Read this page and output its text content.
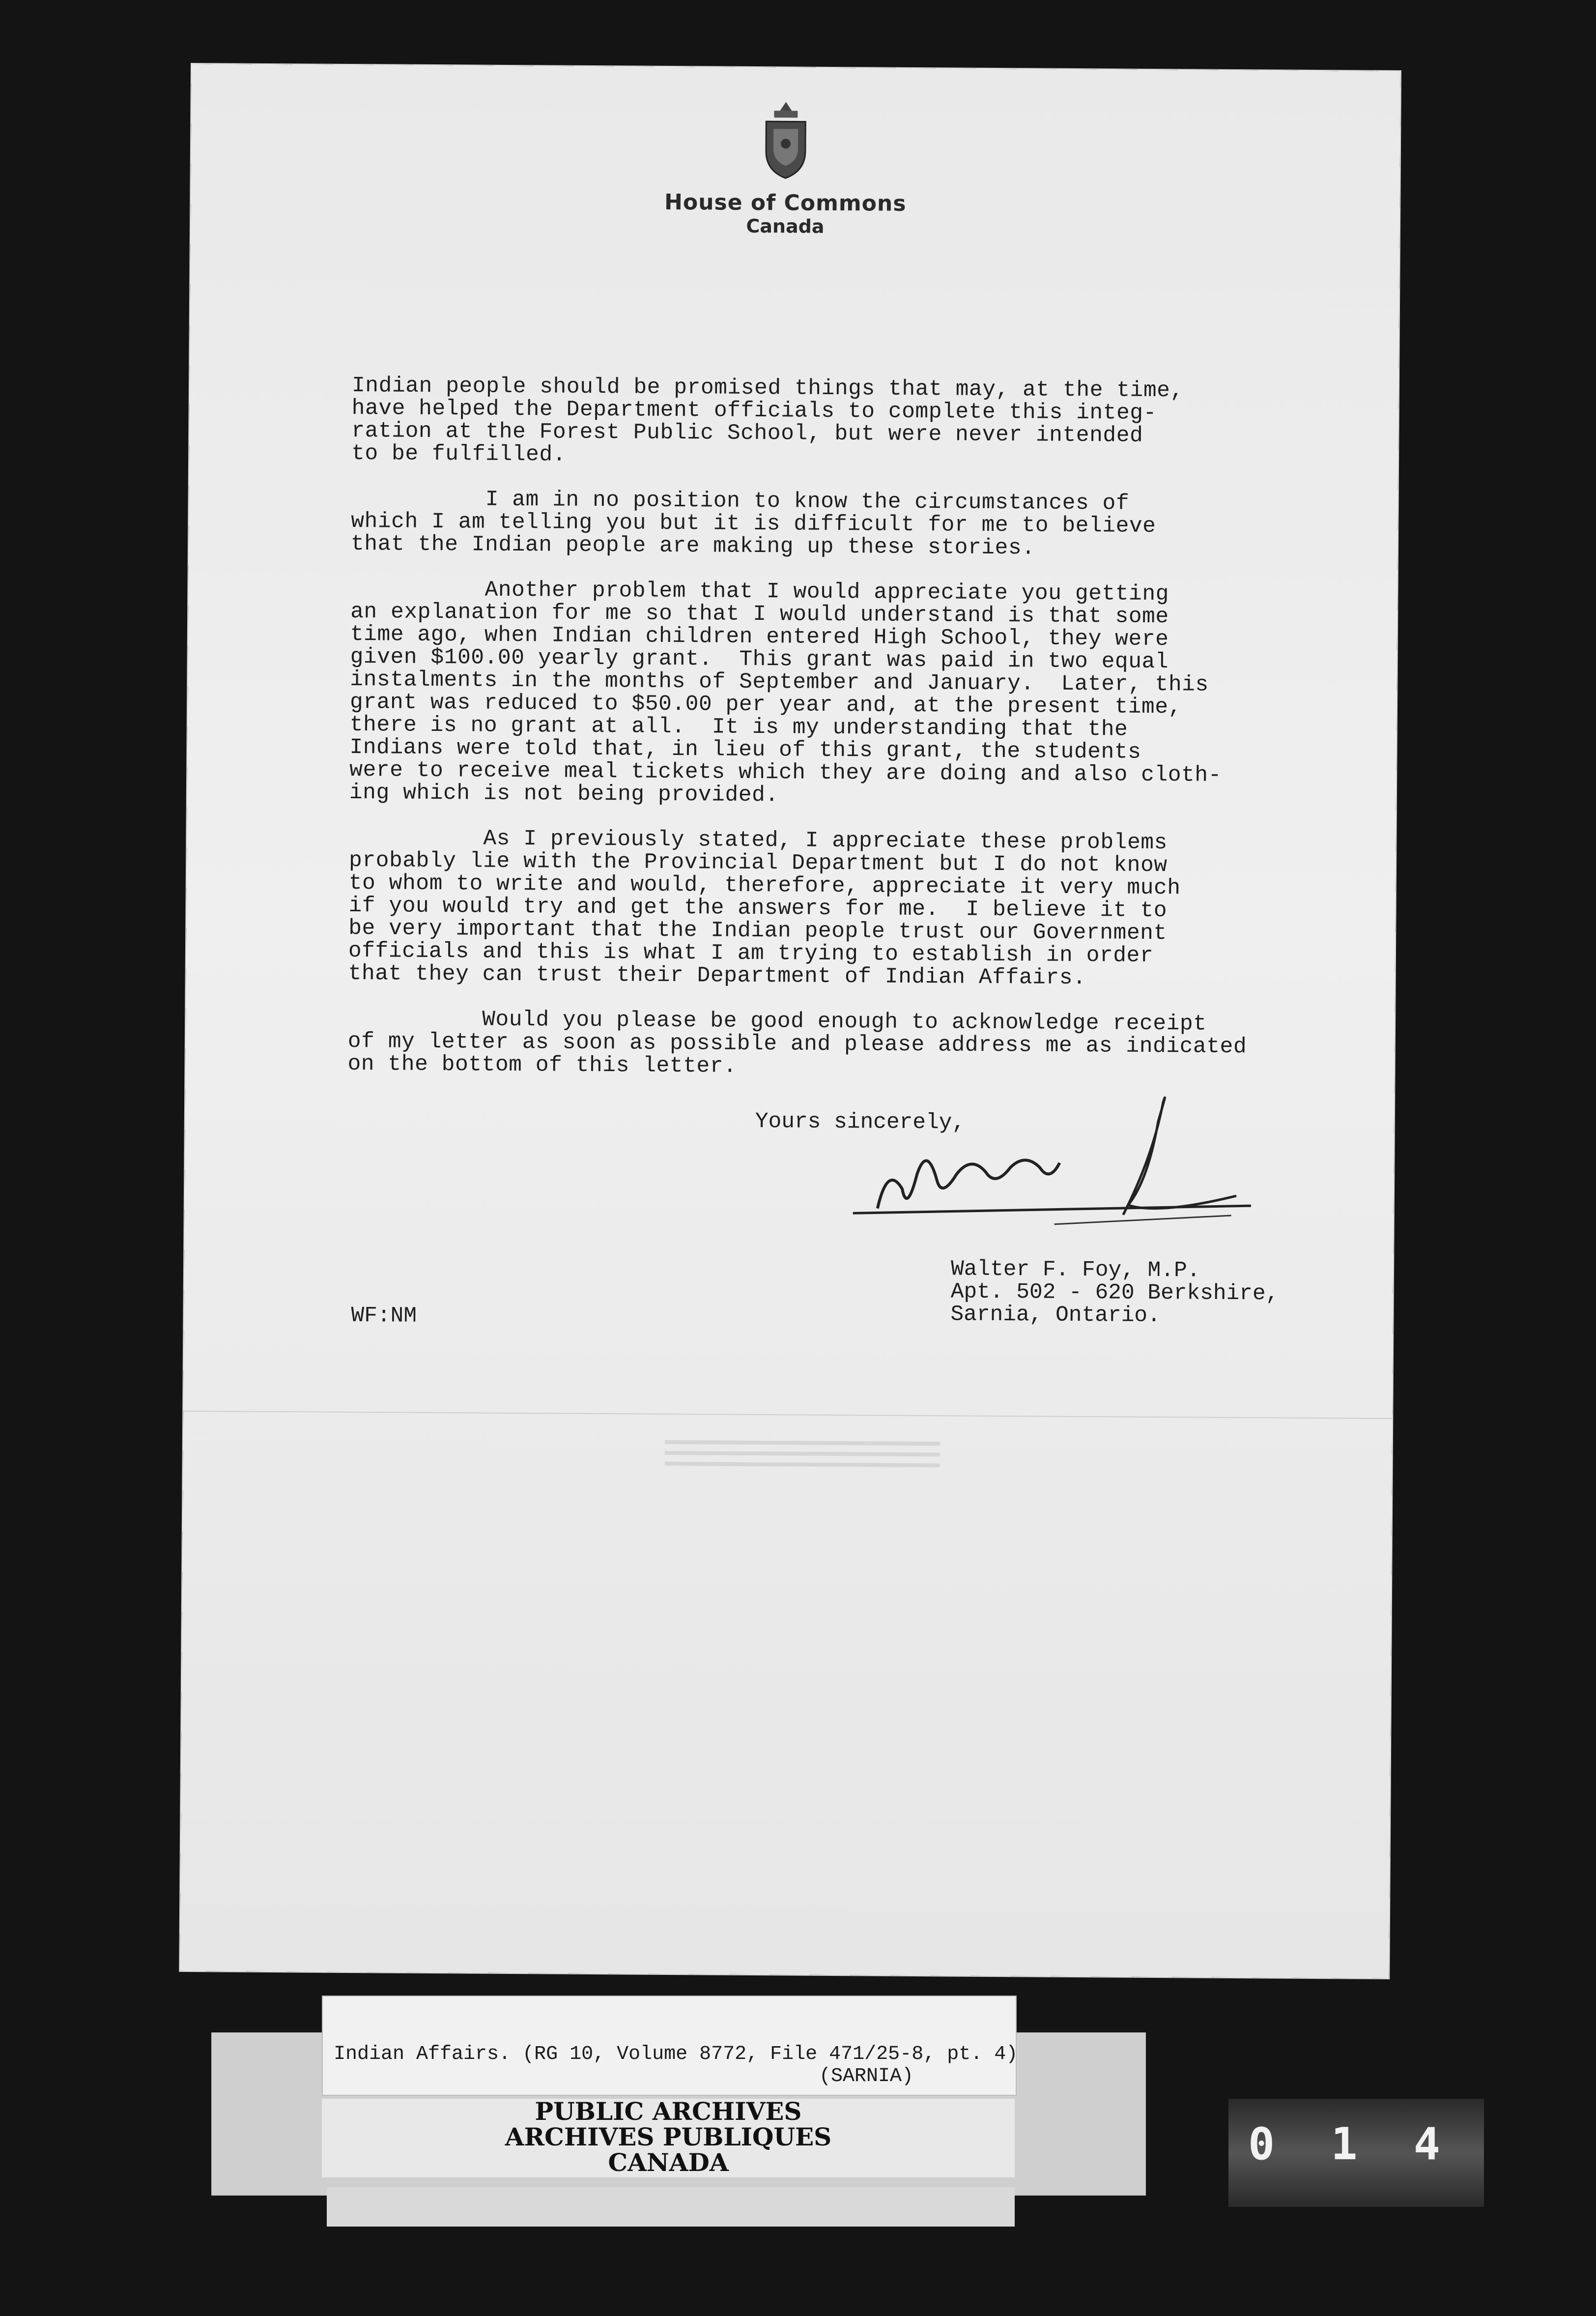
House of Commons
Canada

Indian people should be promised things that may, at the time,
have helped the Department officials to complete this integ-
ration at the Forest Public School, but were never intended
to be fulfilled.

I am in no position to know the circumstances of
which I am telling you but it is difficult for me to believe
that the Indian people are making up these stories.

Another problem that I would appreciate you getting
an explanation for me so that I would understand is that some
time ago, when Indian children entered High School, they were
given $100.00 yearly grant.  This grant was paid in two equal
instalments in the months of September and January.  Later, this
grant was reduced to $50.00 per year and, at the present time,
there is no grant at all.  It is my understanding that the
Indians were told that, in lieu of this grant, the students
were to receive meal tickets which they are doing and also cloth-
ing which is not being provided.

As I previously stated, I appreciate these problems
probably lie with the Provincial Department but I do not know
to whom to write and would, therefore, appreciate it very much
if you would try and get the answers for me.  I believe it to
be very important that the Indian people trust our Government
officials and this is what I am trying to establish in order
that they can trust their Department of Indian Affairs.

Would you please be good enough to acknowledge receipt
of my letter as soon as possible and please address me as indicated
on the bottom of this letter.

Yours sincerely,
Walter F. Foy, M.P.
Apt. 502 - 620 Berkshire,
Sarnia, Ontario.
WF:NM
Indian Affairs. (RG 10, Volume 8772, File 471/25-8, pt. 4)
(SARNIA)
PUBLIC ARCHIVES
ARCHIVES PUBLIQUES
CANADA	0 1 4
